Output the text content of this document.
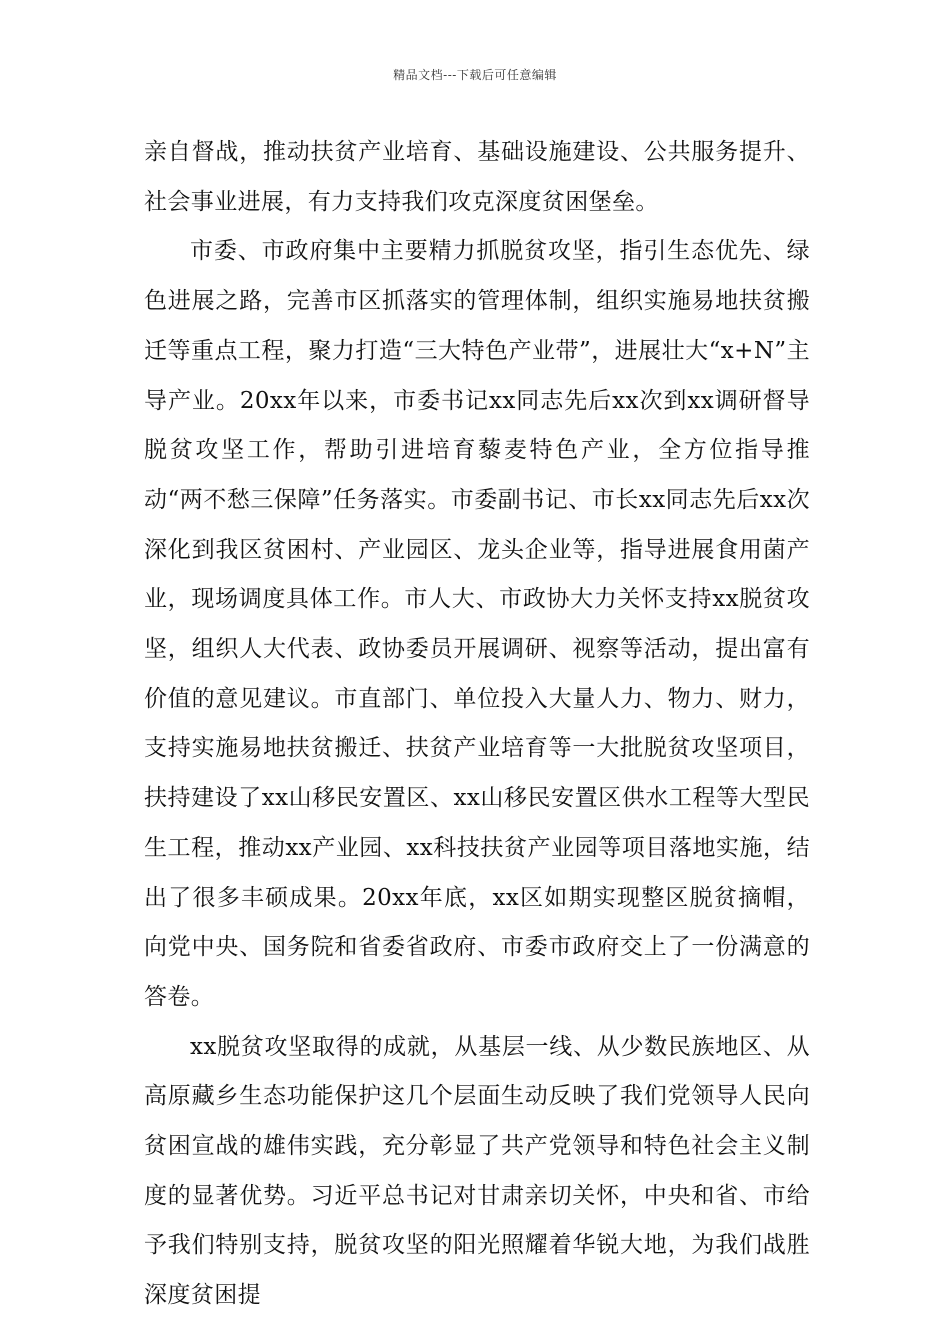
精品文档---下载后可任意编辑

亲自督战，推动扶贫产业培育、基础设施建设、公共服务提升、社会事业进展，有力支持我们攻克深度贫困堡垒。

市委、市政府集中主要精力抓脱贫攻坚，指引生态优先、绿色进展之路，完善市区抓落实的管理体制，组织实施易地扶贫搬迁等重点工程，聚力打造“三大特色产业带”，进展壮大“x+N”主导产业。20xx年以来，市委书记xx同志先后xx次到xx调研督导脱贫攻坚工作，帮助引进培育藜麦特色产业，全方位指导推动“两不愁三保障”任务落实。市委副书记、市长xx同志先后xx次深化到我区贫困村、产业园区、龙头企业等，指导进展食用菌产业，现场调度具体工作。市人大、市政协大力关怀支持xx脱贫攻坚，组织人大代表、政协委员开展调研、视察等活动，提出富有价值的意见建议。市直部门、单位投入大量人力、物力、财力，支持实施易地扶贫搬迁、扶贫产业培育等一大批脱贫攻坚项目，扶持建设了xx山移民安置区、xx山移民安置区供水工程等大型民生工程，推动xx产业园、xx科技扶贫产业园等项目落地实施，结出了很多丰硕成果。20xx年底，xx区如期实现整区脱贫摘帽，向党中央、国务院和省委省政府、市委市政府交上了一份满意的答卷。

xx脱贫攻坚取得的成就，从基层一线、从少数民族地区、从高原藏乡生态功能保护这几个层面生动反映了我们党领导人民向贫困宣战的雄伟实践，充分彰显了共产党领导和特色社会主义制度的显著优势。习近平总书记对甘肃亲切关怀，中央和省、市给予我们特别支持，脱贫攻坚的阳光照耀着华锐大地，为我们战胜深度贫困提
